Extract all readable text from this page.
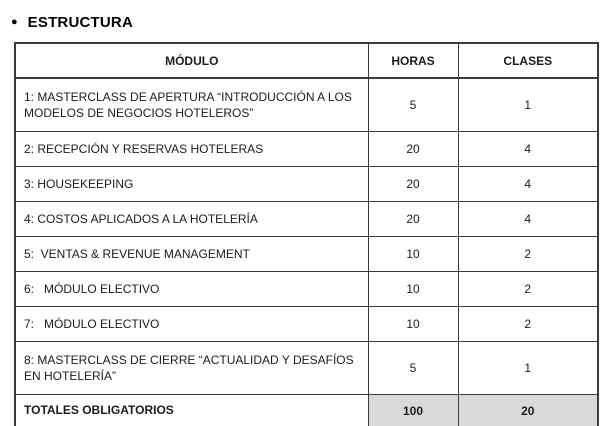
● ESTRUCTURA
MÓDULO	HORAS	CLASES
1: MASTERCLASS DE APERTURA “INTRODUCCIÓN A LOS MODELOS DE NEGOCIOS HOTELEROS”	5	1
2: RECEPCIÓN Y RESERVAS HOTELERAS	20	4
3: HOUSEKEEPING	20	4
4: COSTOS APLICADOS A LA HOTELERÍA	20	4
5:  VENTAS & REVENUE MANAGEMENT	10	2
6:   MÓDULO ELECTIVO	10	2
7:   MÓDULO ELECTIVO	10	2
8: MASTERCLASS DE CIERRE “ACTUALIDAD Y DESAFÍOS EN HOTELERÍA”	5	1
TOTALES OBLIGATORIOS	100	20
